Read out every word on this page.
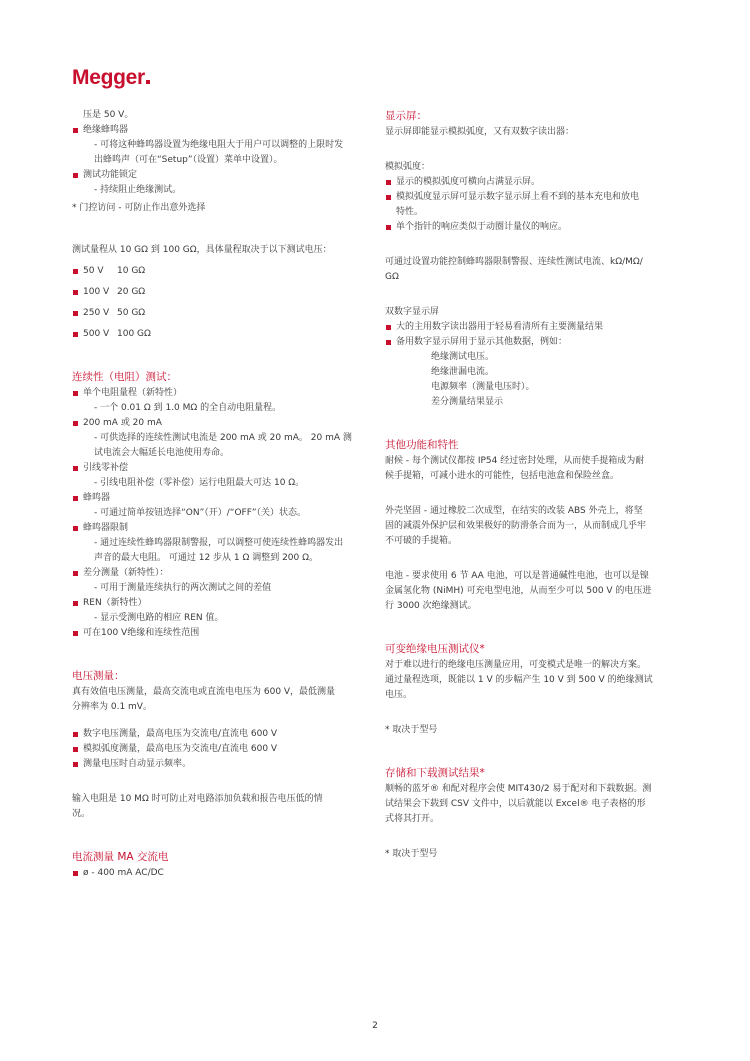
Megger

压是 50 V。

绝缘蜂鸣器
- 可将这种蜂鸣器设置为绝缘电阻大于用户可以调整的上限时发
出蜂鸣声（可在“Setup”（设置）菜单中设置）。
测试功能锁定
- 持续阻止绝缘测试。

* 门控访问 - 可防止作出意外选择

测试量程从 10 GΩ 到 100 GΩ，具体量程取决于以下测试电压：

50 V	10 GΩ
100 V 20 GΩ
250 V 50 GΩ
500 V 100 GΩ
连续性（电阻）测试：
单个电阻量程（新特性）
- 一个 0.01 Ω 到 1.0 MΩ 的全自动电阻量程。
200 mA 或 20 mA
- 可供选择的连续性测试电流是 200 mA 或 20 mA。 20 mA 测
试电流会大幅延长电池使用寿命。
引线零补偿
- 引线电阻补偿（零补偿）运行电阻最大可达 10 Ω。
蜂鸣器
- 可通过简单按钮选择“ON”（开）/“OFF”（关）状态。
蜂鸣器限制
- 通过连续性蜂鸣器限制警报，可以调整可使连续性蜂鸣器发出
声音的最大电阻。 可通过 12 步从 1 Ω 调整到 200 Ω。
差分测量（新特性）：
- 可用于测量连续执行的两次测试之间的差值
REN（新特性）
- 显示受测电路的相应 REN 值。
可在100 V绝缘和连续性范围
电压测量：

真有效值电压测量，最高交流电或直流电电压为 600 V，最低测量

分辨率为 0.1 mV。

数字电压测量，最高电压为交流电/直流电 600 V
模拟弧度测量，最高电压为交流电/直流电 600 V
测量电压时自动显示频率。

输入电阻是 10 MΩ 时可防止对电路添加负载和报告电压低的情

况。

电流测量 MA 交流电
ø - 400 mA AC/DC
显示屏：

显示屏即能显示模拟弧度，又有双数字读出器：

模拟弧度：

显示的模拟弧度可横向占满显示屏。
模拟弧度显示屏可显示数字显示屏上看不到的基本充电和放电
特性。
单个指针的响应类似于动圈计量仪的响应。

可通过设置功能控制蜂鸣器限制警报、连续性测试电流、kΩ/MΩ/

GΩ

双数字显示屏

大的主用数字读出器用于轻易看清所有主要测量结果
备用数字显示屏用于显示其他数据，例如：
绝缘测试电压。
绝缘泄漏电流。
电源频率（测量电压时）。
差分测量结果显示
其他功能和特性

耐候 - 每个测试仪都按 IP54 经过密封处理，从而使手提箱成为耐

候手提箱，可减小进水的可能性，包括电池盒和保险丝盒。

外壳坚固 - 通过橡胶二次成型，在结实的改装 ABS 外壳上，将坚

固的减震外保护层和效果极好的防滑条合而为一，从而制成几乎牢

不可破的手提箱。

电池 - 要求使用 6 节 AA 电池，可以是普通碱性电池，也可以是镍

金属氢化物 (NiMH) 可充电型电池，从而至少可以 500 V 的电压进

行 3000 次绝缘测试。

可变绝缘电压测试仪*

对于难以进行的绝缘电压测量应用，可变模式是唯一的解决方案。

通过量程选项，既能以 1 V 的步幅产生 10 V 到 500 V 的绝缘测试

电压。

* 取决于型号

存储和下载测试结果*

顺畅的蓝牙® 和配对程序会使 MIT430/2 易于配对和下载数据。测

试结果会下载到 CSV 文件中，以后就能以 Excel® 电子表格的形

式将其打开。

* 取决于型号

2
